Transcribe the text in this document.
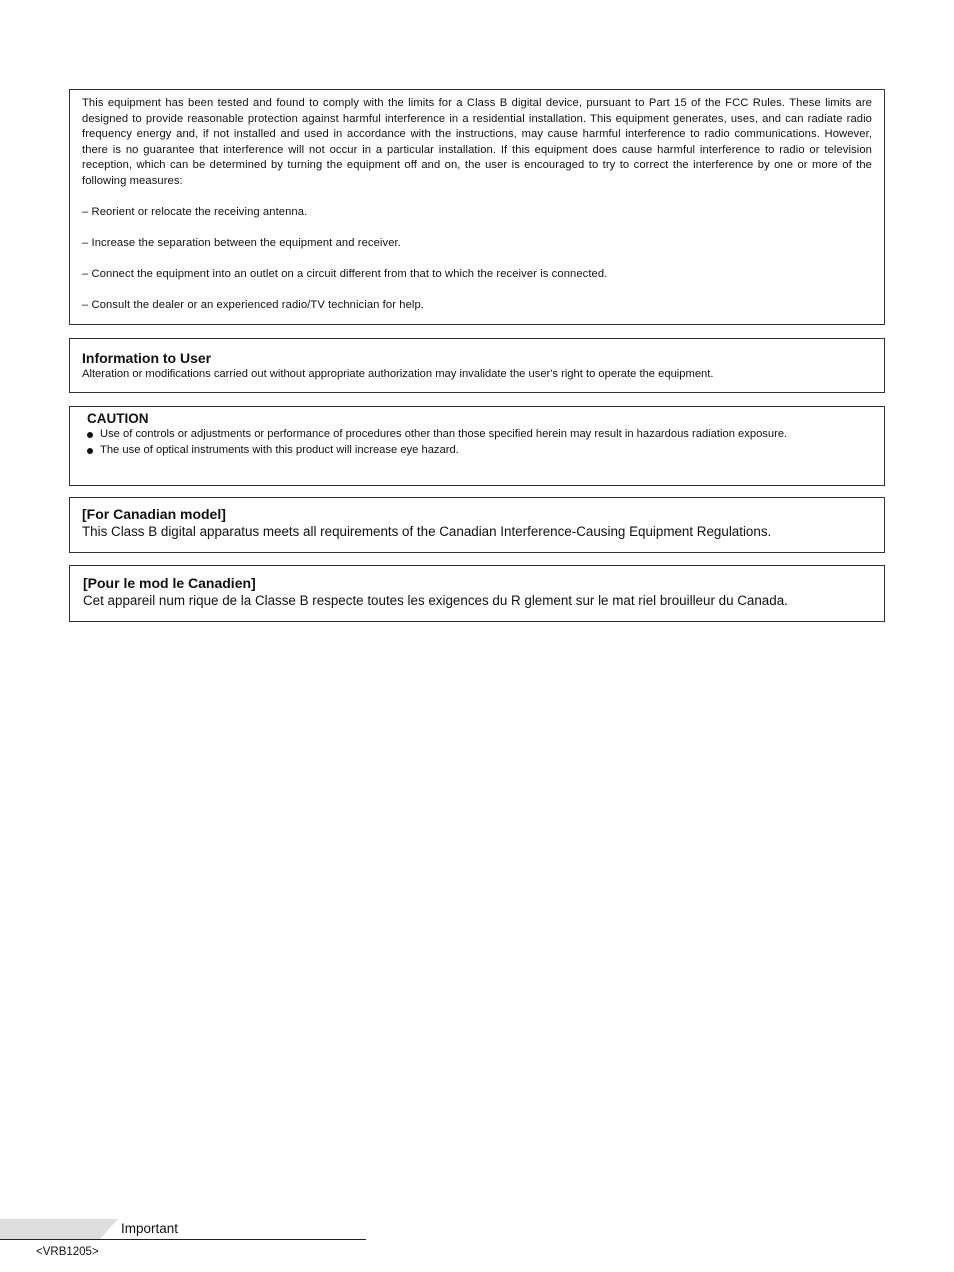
This equipment has been tested and found to comply with the limits for a Class B digital device, pursuant to Part 15 of the FCC Rules. These limits are designed to provide reasonable protection against harmful interference in a residential installation. This equipment generates, uses, and can radiate radio frequency energy and, if not installed and used in accordance with the instructions, may cause harmful interference to radio communications. However, there is no guarantee that interference will not occur in a particular installation. If this equipment does cause harmful interference to radio or television reception, which can be determined by turning the equipment off and on, the user is encouraged to try to correct the interference by one or more of the following measures:

– Reorient or relocate the receiving antenna.

– Increase the separation between the equipment and receiver.

– Connect the equipment into an outlet on a circuit different from that to which the receiver is connected.

– Consult the dealer or an experienced radio/TV technician for help.

Information to User

Alteration or modifications carried out without appropriate authorization may invalidate the user's right to operate the equipment.

CAUTION

Use of controls or adjustments or performance of procedures other than those specified herein may result in hazardous radiation exposure.
The use of optical instruments with this product will increase eye hazard.

[For Canadian model]

This Class B digital apparatus meets all requirements of the Canadian Interference-Causing Equipment Regulations.

[Pour le mod le Canadien]

Cet appareil num rique de la Classe B respecte toutes les exigences du R glement sur le mat riel brouilleur du Canada.

Important
<VRB1205>
